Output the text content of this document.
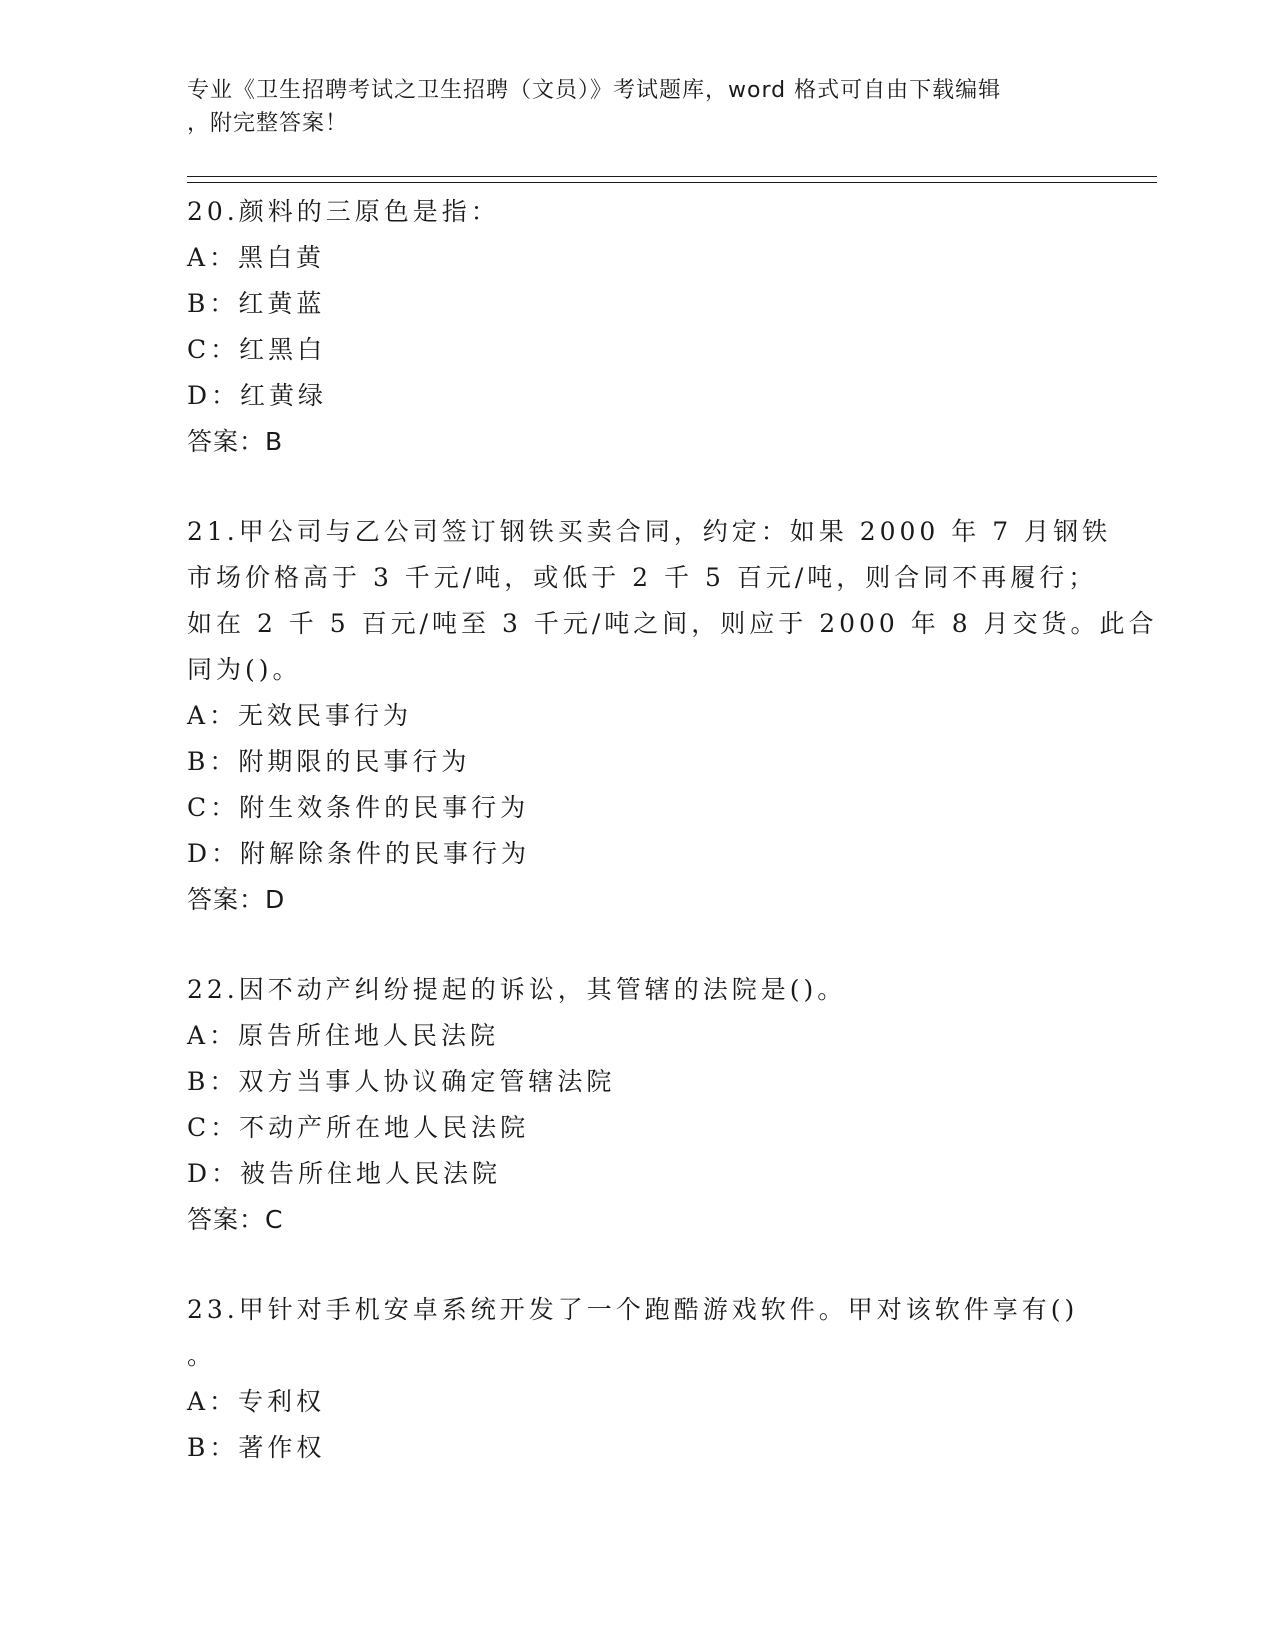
专业《卫生招聘考试之卫生招聘（文员）》考试题库，word 格式可自由下载编辑
，附完整答案！
20.颜料的三原色是指：
A：黑白黄
B：红黄蓝
C：红黑白
D：红黄绿
答案：B
21.甲公司与乙公司签订钢铁买卖合同，约定：如果 2000 年 7 月钢铁
市场价格高于 3 千元/吨，或低于 2 千 5 百元/吨，则合同不再履行；
如在 2 千 5 百元/吨至 3 千元/吨之间，则应于 2000 年 8 月交货。此合
同为()。
A：无效民事行为
B：附期限的民事行为
C：附生效条件的民事行为
D：附解除条件的民事行为
答案：D
22.因不动产纠纷提起的诉讼，其管辖的法院是()。
A：原告所住地人民法院
B：双方当事人协议确定管辖法院
C：不动产所在地人民法院
D：被告所住地人民法院
答案：C
23.甲针对手机安卓系统开发了一个跑酷游戏软件。甲对该软件享有()
。
A：专利权
B：著作权
